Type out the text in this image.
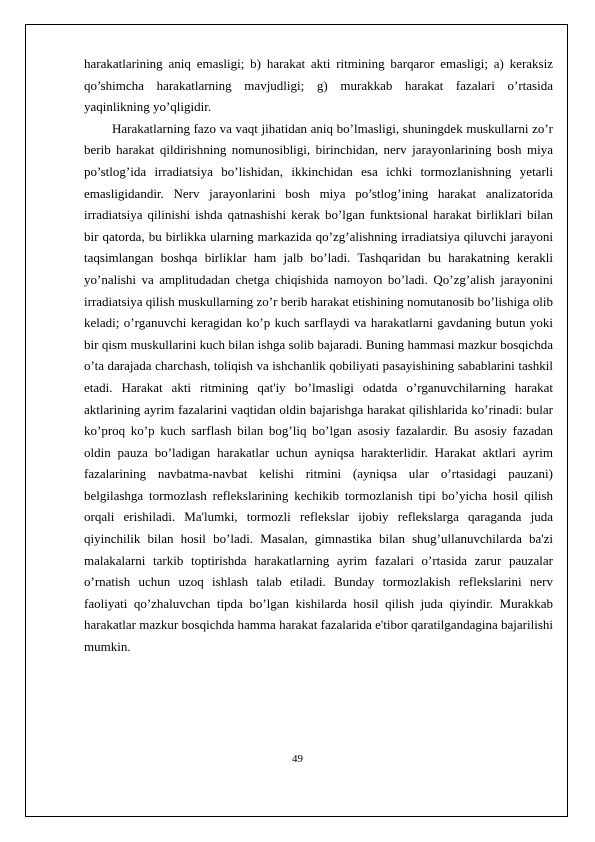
harakatlarining aniq emasligi; b) harakat akti ritmining barqaror emasligi; a) keraksiz qo’shimcha harakatlarning mavjudligi; g) murakkab harakat fazalari o’rtasida yaqinlikning yo’qligidir.

Harakatlarning fazo va vaqt jihatidan aniq bo’lmasligi, shuningdek muskullarni zo’r berib harakat qildirishning nomunosibligi, birinchidan, nerv jarayonlarining bosh miya po’stlog’ida irradiatsiya bo’lishidan, ikkinchidan esa ichki tormozlanishning yetarli emasligidandir. Nerv jarayonlarini bosh miya po’stlog’ining harakat analizatorida irradiatsiya qilinishi ishda qatnashishi kerak bo’lgan funktsional harakat birliklari bilan bir qatorda, bu birlikka ularning markazida qo’zg’alishning irradiatsiya qiluvchi jarayoni taqsimlangan boshqa birliklar ham jalb bo’ladi. Tashqaridan bu harakatning kerakli yo’nalishi va amplitudadan chetga chiqishida namoyon bo’ladi. Qo’zg’alish jarayonini irradiatsiya qilish muskullarning zo’r berib harakat etishining nomutanosib bo’lishiga olib keladi; o’rganuvchi keragidan ko’p kuch sarflaydi va harakatlarni gavdaning butun yoki bir qism muskullarini kuch bilan ishga solib bajaradi. Buning hammasi mazkur bosqichda o’ta darajada charchash, toliqish va ishchanlik qobiliyati pasayishining sabablarini tashkil etadi. Harakat akti ritmining qat'iy bo’lmasligi odatda o’rganuvchilarning harakat aktlarining ayrim fazalarini vaqtidan oldin bajarishga harakat qilishlarida ko’rinadi: bular ko’proq ko’p kuch sarflash bilan bog’liq bo’lgan asosiy fazalardir. Bu asosiy fazadan oldin pauza bo’ladigan harakatlar uchun ayniqsa harakterlidir. Harakat aktlari ayrim fazalarining navbatma-navbat kelishi ritmini (ayniqsa ular o’rtasidagi pauzani) belgilashga tormozlash reflekslarining kechikib tormozlanish tipi bo’yicha hosil qilish orqali erishiladi. Ma'lumki, tormozli reflekslar ijobiy reflekslarga qaraganda juda qiyinchilik bilan hosil bo’ladi. Masalan, gimnastika bilan shug’ullanuvchilarda ba'zi malakalarni tarkib toptirishda harakatlarning ayrim fazalari o’rtasida zarur pauzalar o’rnatish uchun uzoq ishlash talab etiladi. Bunday tormozlakish reflekslarini nerv faoliyati qo’zhaluvchan tipda bo’lgan kishilarda hosil qilish juda qiyindir. Murakkab harakatlar mazkur bosqichda hamma harakat fazalarida e'tibor qaratilgandagina bajarilishi mumkin.

49
